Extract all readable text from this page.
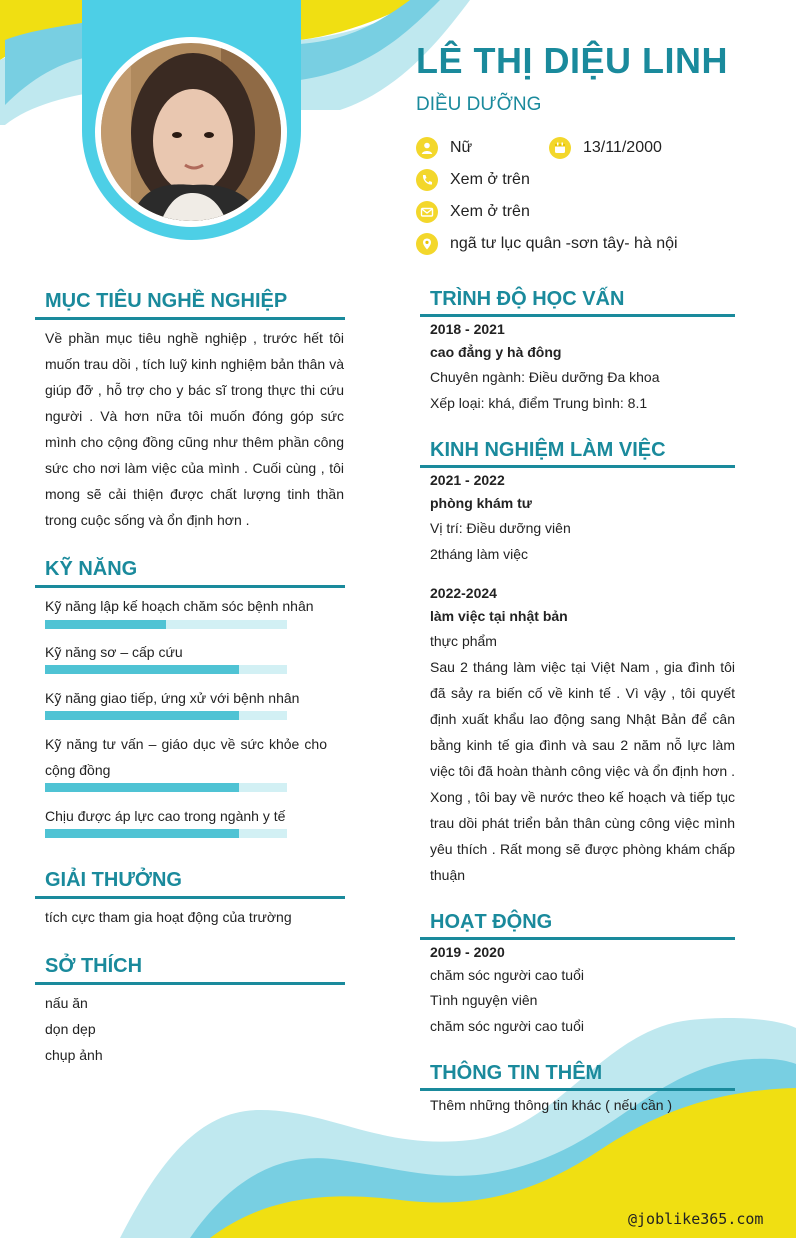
LÊ THỊ DIỆU LINH
DIỀU DƯỠNG
Nữ	13/11/2000
Xem ở trên
Xem ở trên
ngã tư lục quân -sơn tây- hà nội
MỤC TIÊU NGHỀ NGHIỆP
Về phần mục tiêu nghề nghiệp , trước hết tôi muốn trau dồi , tích luỹ kinh nghiệm bản thân và giúp đỡ , hỗ trợ cho y bác sĩ trong thực thi cứu người . Và hơn nữa tôi muốn đóng góp sức mình cho cộng đồng cũng như thêm phần công sức cho nơi làm việc của mình . Cuối cùng , tôi mong sẽ cải thiện được chất lượng tinh thần trong cuộc sống và ổn định hơn .
KỸ NĂNG
Kỹ năng lập kế hoạch chăm sóc bệnh nhân
Kỹ năng sơ – cấp cứu
Kỹ năng giao tiếp, ứng xử với bệnh nhân
Kỹ năng tư vấn – giáo dục về sức khỏe cho cộng đồng
Chịu được áp lực cao trong ngành y tế
GIẢI THƯỞNG
tích cực tham gia hoạt động của trường
SỞ THÍCH
nấu ăn
dọn dẹp
chụp ảnh
TRÌNH ĐỘ HỌC VẤN
2018 - 2021
cao đẳng y hà đông
Chuyên ngành: Điều dưỡng Đa khoa
Xếp loại: khá, điểm Trung bình: 8.1
KINH NGHIỆM LÀM VIỆC
2021 - 2022
phòng khám tư
Vị trí: Điều dưỡng viên
2tháng làm việc
2022-2024
làm việc tại nhật bản
thực phẩm
Sau 2 tháng làm việc tại Việt Nam , gia đình tôi đã sảy ra biến cố về kinh tế . Vì vậy , tôi quyết định xuất khẩu lao động sang Nhật Bản để cân bằng kinh tế gia đình và sau 2 năm nỗ lực làm việc tôi đã hoàn thành công việc và ổn định hơn . Xong , tôi bay về nước theo kế hoạch và tiếp tục trau dồi phát triển bản thân cùng công việc mình yêu thích . Rất mong sẽ được phòng khám chấp thuận
HOẠT ĐỘNG
2019 - 2020
chăm sóc người cao tuổi
Tình nguyện viên
chăm sóc người cao tuổi
THÔNG TIN THÊM
Thêm những thông tin khác ( nếu cần )
@joblike365.com
